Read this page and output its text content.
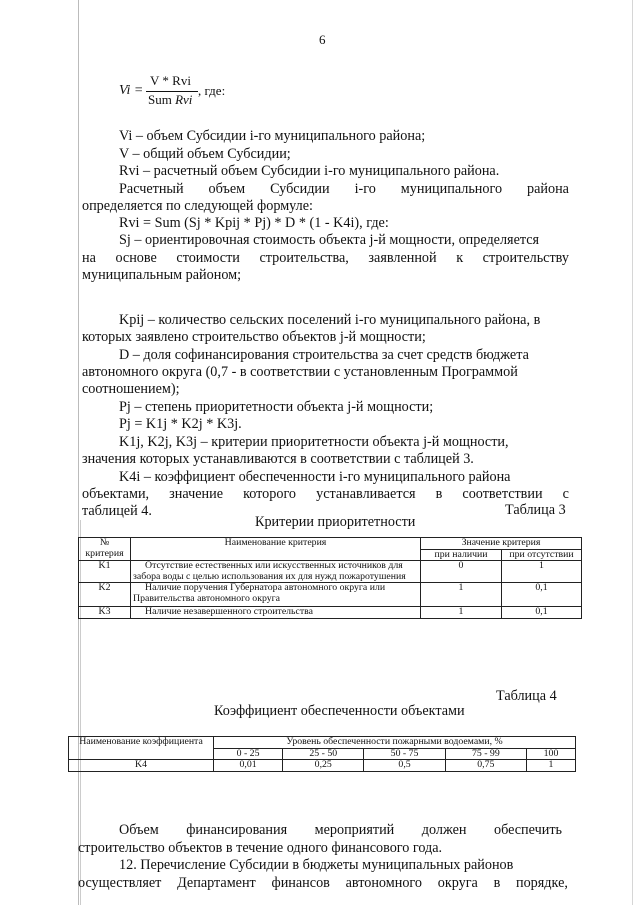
6
Vi =
V * Rvi
Sum Rvi
, где:
Vi – объем Субсидии i-го муниципального района;
V – общий объем Субсидии;
Rvi – расчетный объем Субсидии i-го муниципального района.
Расчетный объем Субсидии i-го муниципального района
определяется по следующей формуле:
Rvi = Sum (Sj * Kpij * Pj) * D * (1 - K4i), где:
Sj – ориентировочная стоимость объекта j-й мощности, определяется
на основе стоимости строительства, заявленной к строительству
муниципальным районом;
Kpij – количество сельских поселений i-го муниципального района, в
которых заявлено строительство объектов j-й мощности;
D – доля софинансирования строительства за счет средств бюджета
автономного округа (0,7 - в соответствии с установленным Программой
соотношением);
Pj – степень приоритетности объекта j-й мощности;
Pj = K1j * K2j * K3j.
K1j, K2j, K3j – критерии приоритетности объекта j-й мощности,
значения которых устанавливаются в соответствии с таблицей 3.
K4i – коэффициент обеспеченности i-го муниципального района
объектами, значение которого устанавливается в соответствии с
таблицей 4.	Таблица 3
Критерии приоритетности
№ критерия	Наименование критерия	Значение критерия	
		при наличии	при отсутствии
K1	Отсутствие естественных или искусственных источников для забора воды с целью использования их для нужд пожаротушения	0	1
K2	Наличие поручения Губернатора автономного округа или Правительства автономного округа	1	0,1
K3	Наличие незавершенного строительства	1	0,1
Таблица 4
Коэффициент обеспеченности объектами
Наименование коэффициента	Уровень обеспеченности пожарными водоемами, %				
	0 - 25	25 - 50	50 - 75	75 - 99	100
K4	0,01	0,25	0,5	0,75	1
Объем финансирования мероприятий должен обеспечить
строительство объектов в течение одного финансового года.
12. Перечисление Субсидии в бюджеты муниципальных районов
осуществляет Департамент финансов автономного округа в порядке,
